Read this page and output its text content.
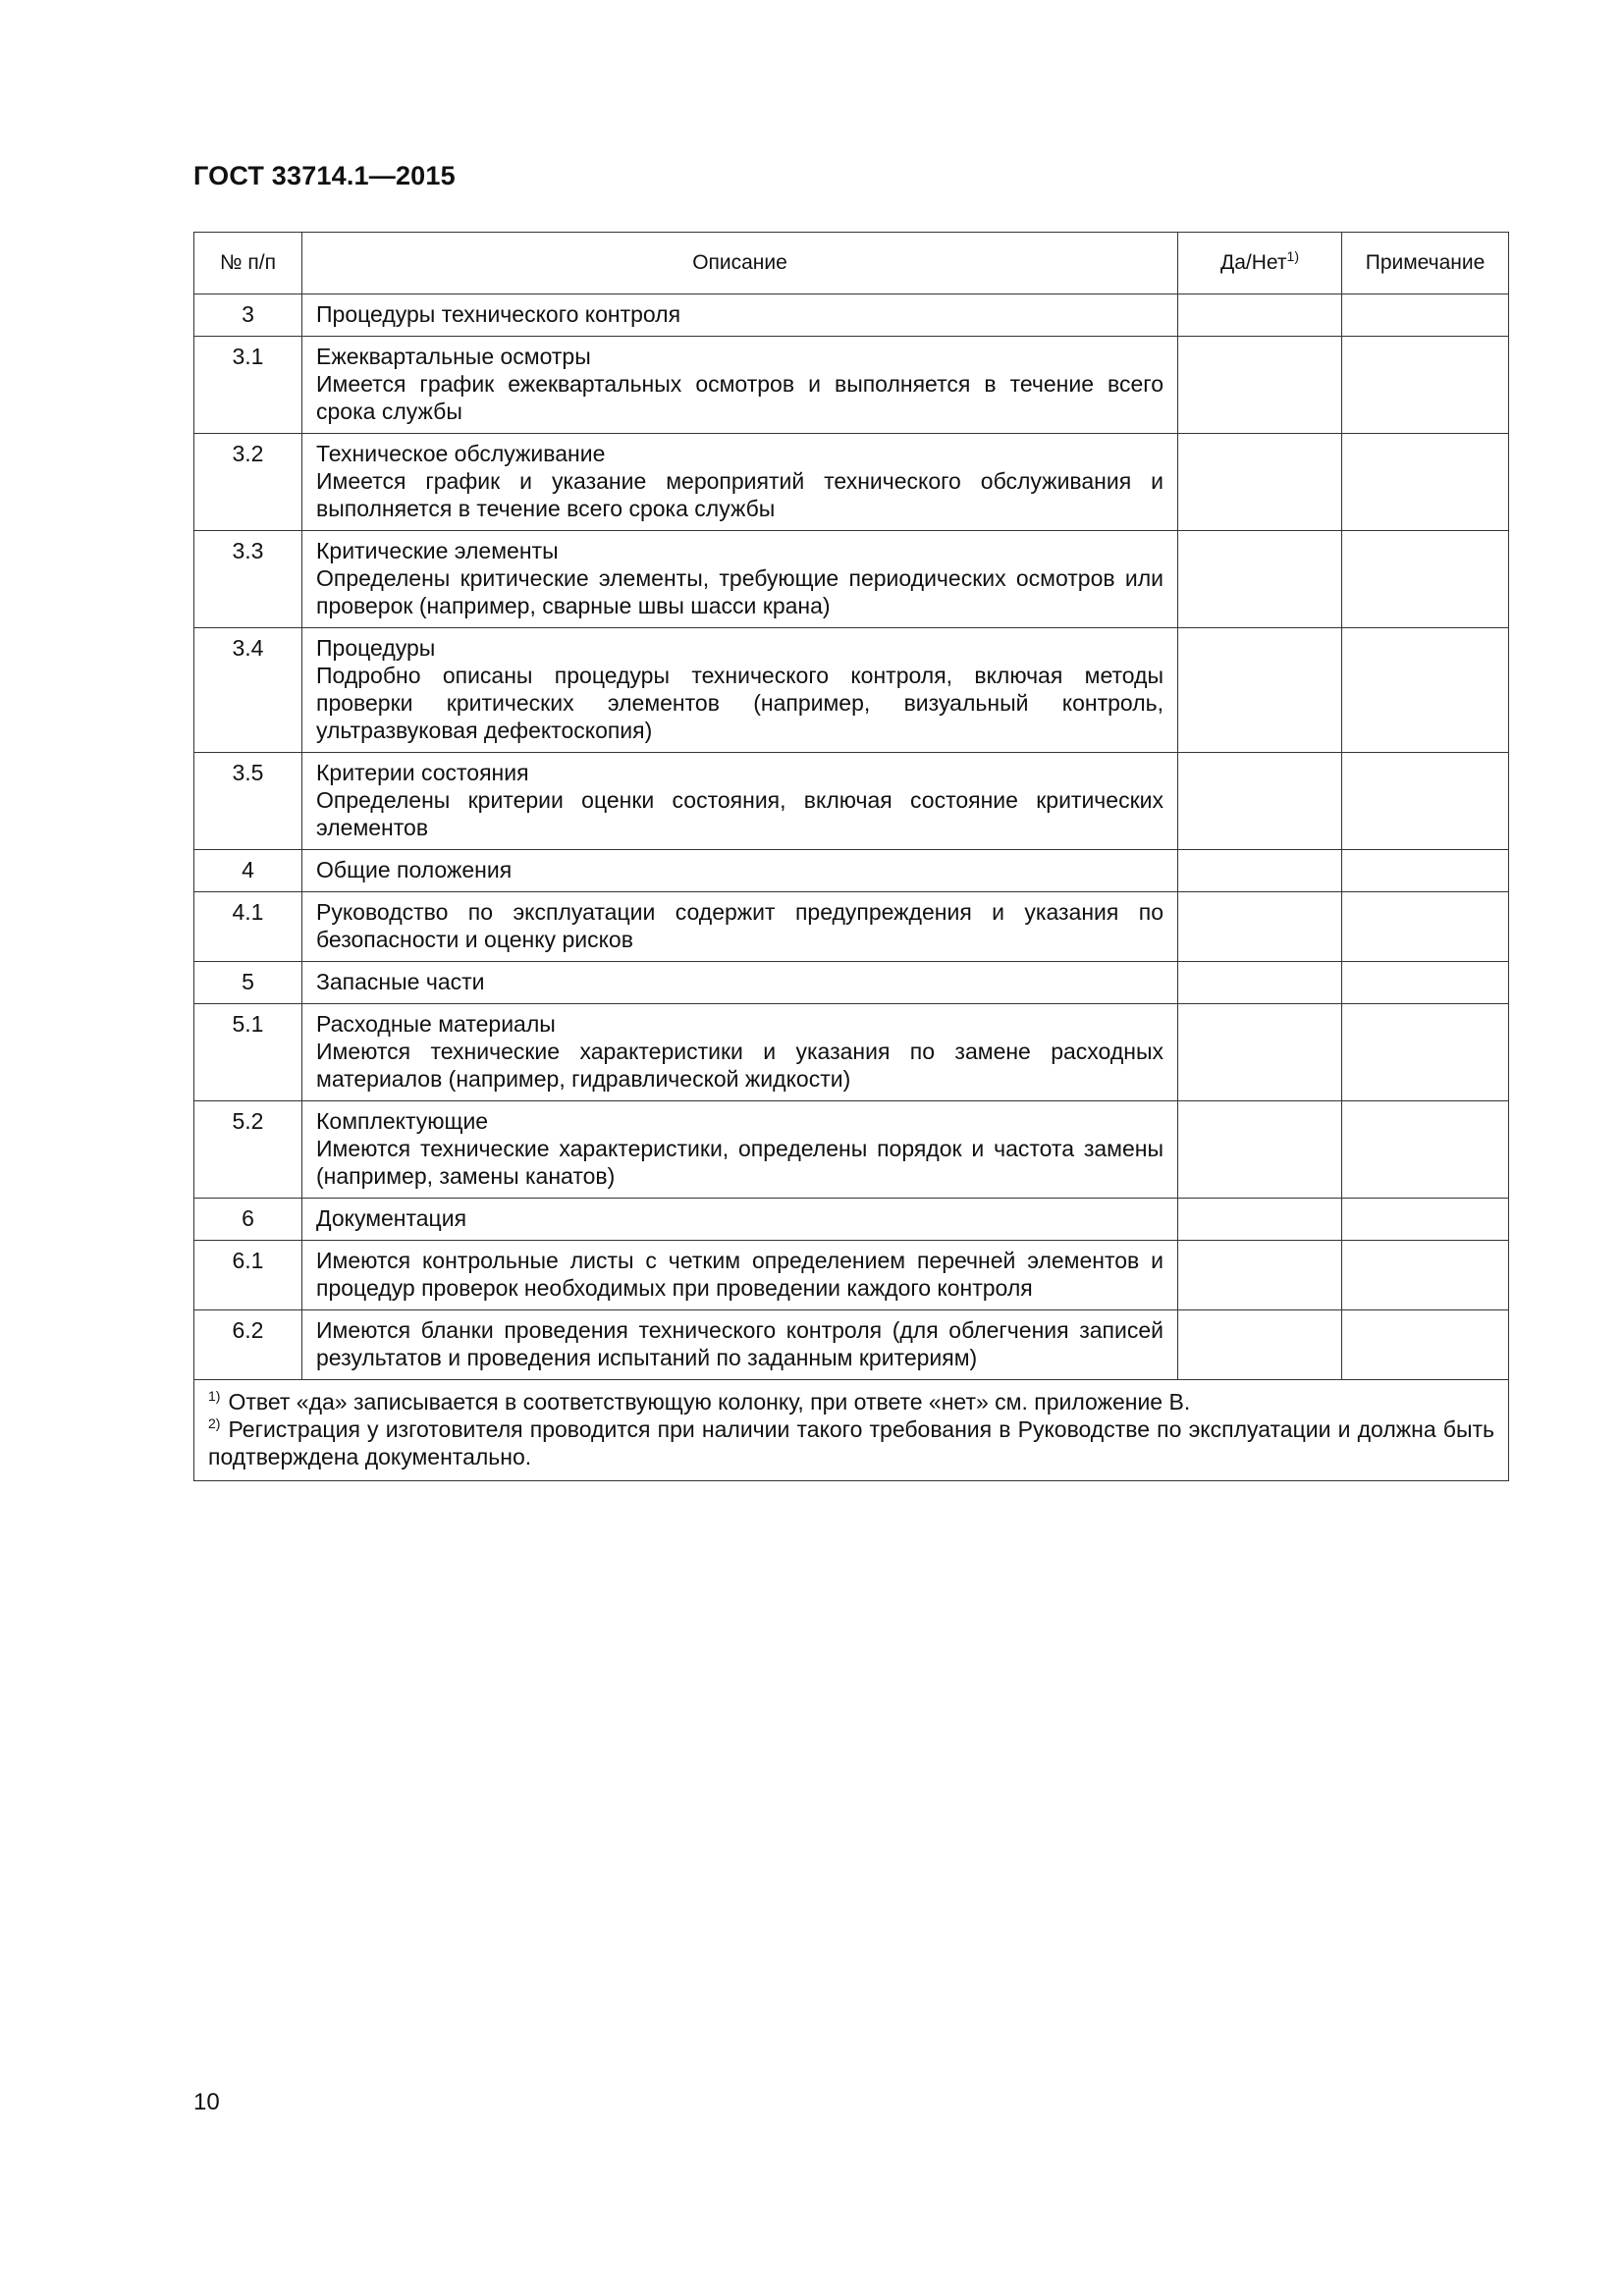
ГОСТ 33714.1—2015
№ п/п	Описание	Да/Нет$^{1)}$	Примечание
3	Процедуры технического контроля		

3.1	Ежеквартальные осмотры
Имеется график ежеквартальных осмотров и выполняется в течение всего срока службы		

3.2	Техническое обслуживание
Имеется график и указание мероприятий технического обслуживания и выполняется в течение всего срока службы		

3.3	Критические элементы
Определены критические элементы, требующие периодических осмотров или проверок (например, сварные швы шасси крана)		

3.4	Процедуры
Подробно описаны процедуры технического контроля, включая методы проверки критических элементов (например, визуальный контроль, ультразвуковая дефектоскопия)		

3.5	Критерии состояния
Определены критерии оценки состояния, включая состояние критических элементов		

4	Общие положения		

4.1	Руководство по эксплуатации содержит предупреждения и указания по безопасности и оценку рисков		

5	Запасные части		

5.1	Расходные материалы
Имеются технические характеристики и указания по замене расходных материалов (например, гидравлической жидкости)		

5.2	Комплектующие
Имеются технические характеристики, определены порядок и частота замены (например, замены канатов)		

6	Документация		

6.1	Имеются контрольные листы с четким определением перечней элементов и процедур проверок необходимых при проведении каждого контроля		

6.2	Имеются бланки проведения технического контроля (для облегчения записей результатов и проведения испытаний по заданным критериям)		

$^{1)}$ Ответ «да» записывается в соответствующую колонку, при ответе «нет» см. приложение В.
$^{2)}$ Регистрация у изготовителя проводится при наличии такого требования в Руководстве по эксплуатации и должна быть подтверждена документально.			
10
